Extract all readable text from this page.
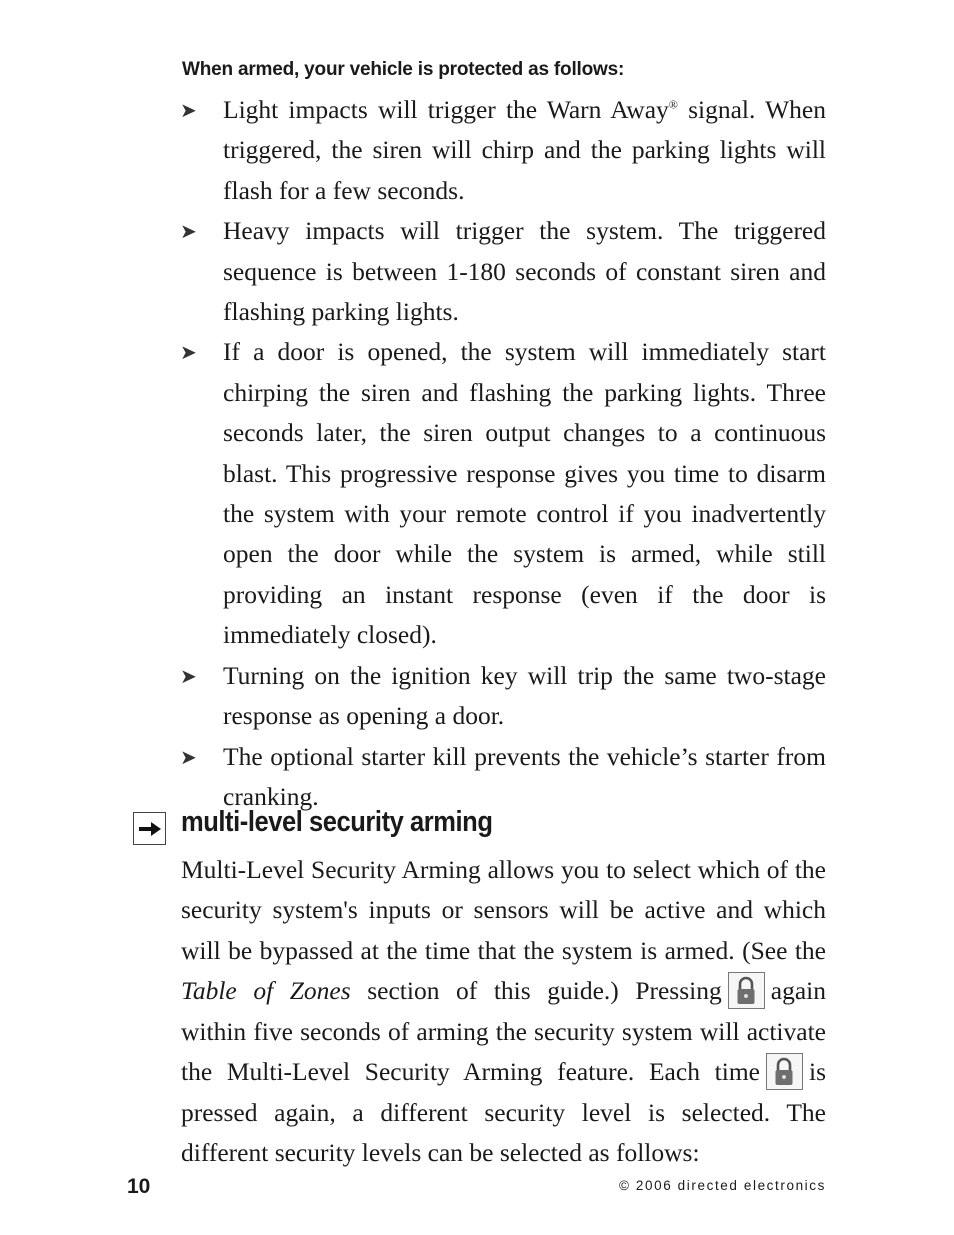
When armed, your vehicle is protected as follows:
➤ Light impacts will trigger the Warn Away® signal. When triggered, the siren will chirp and the parking lights will flash for a few seconds.
➤ Heavy impacts will trigger the system. The triggered sequence is between 1-180 seconds of constant siren and flashing parking lights.
➤ If a door is opened, the system will immediately start chirping the siren and flashing the parking lights. Three seconds later, the siren output changes to a continuous blast. This progressive response gives you time to disarm the system with your remote control if you inadvertently open the door while the system is armed, while still providing an instant response (even if the door is immediately closed).
➤ Turning on the ignition key will trip the same two-stage response as opening a door.
➤ The optional starter kill prevents the vehicle’s starter from cranking.
multi-level security arming

Multi-Level Security Arming allows you to select which of the security system's inputs or sensors will be active and which will be bypassed at the time that the system is armed. (See the Table of Zones section of this guide.) Pressing again within five seconds of arming the security system will activate the Multi-Level Security Arming feature. Each time is pressed again, a different security level is selected. The different security levels can be selected as follows:

10	© 2006 directed electronics
